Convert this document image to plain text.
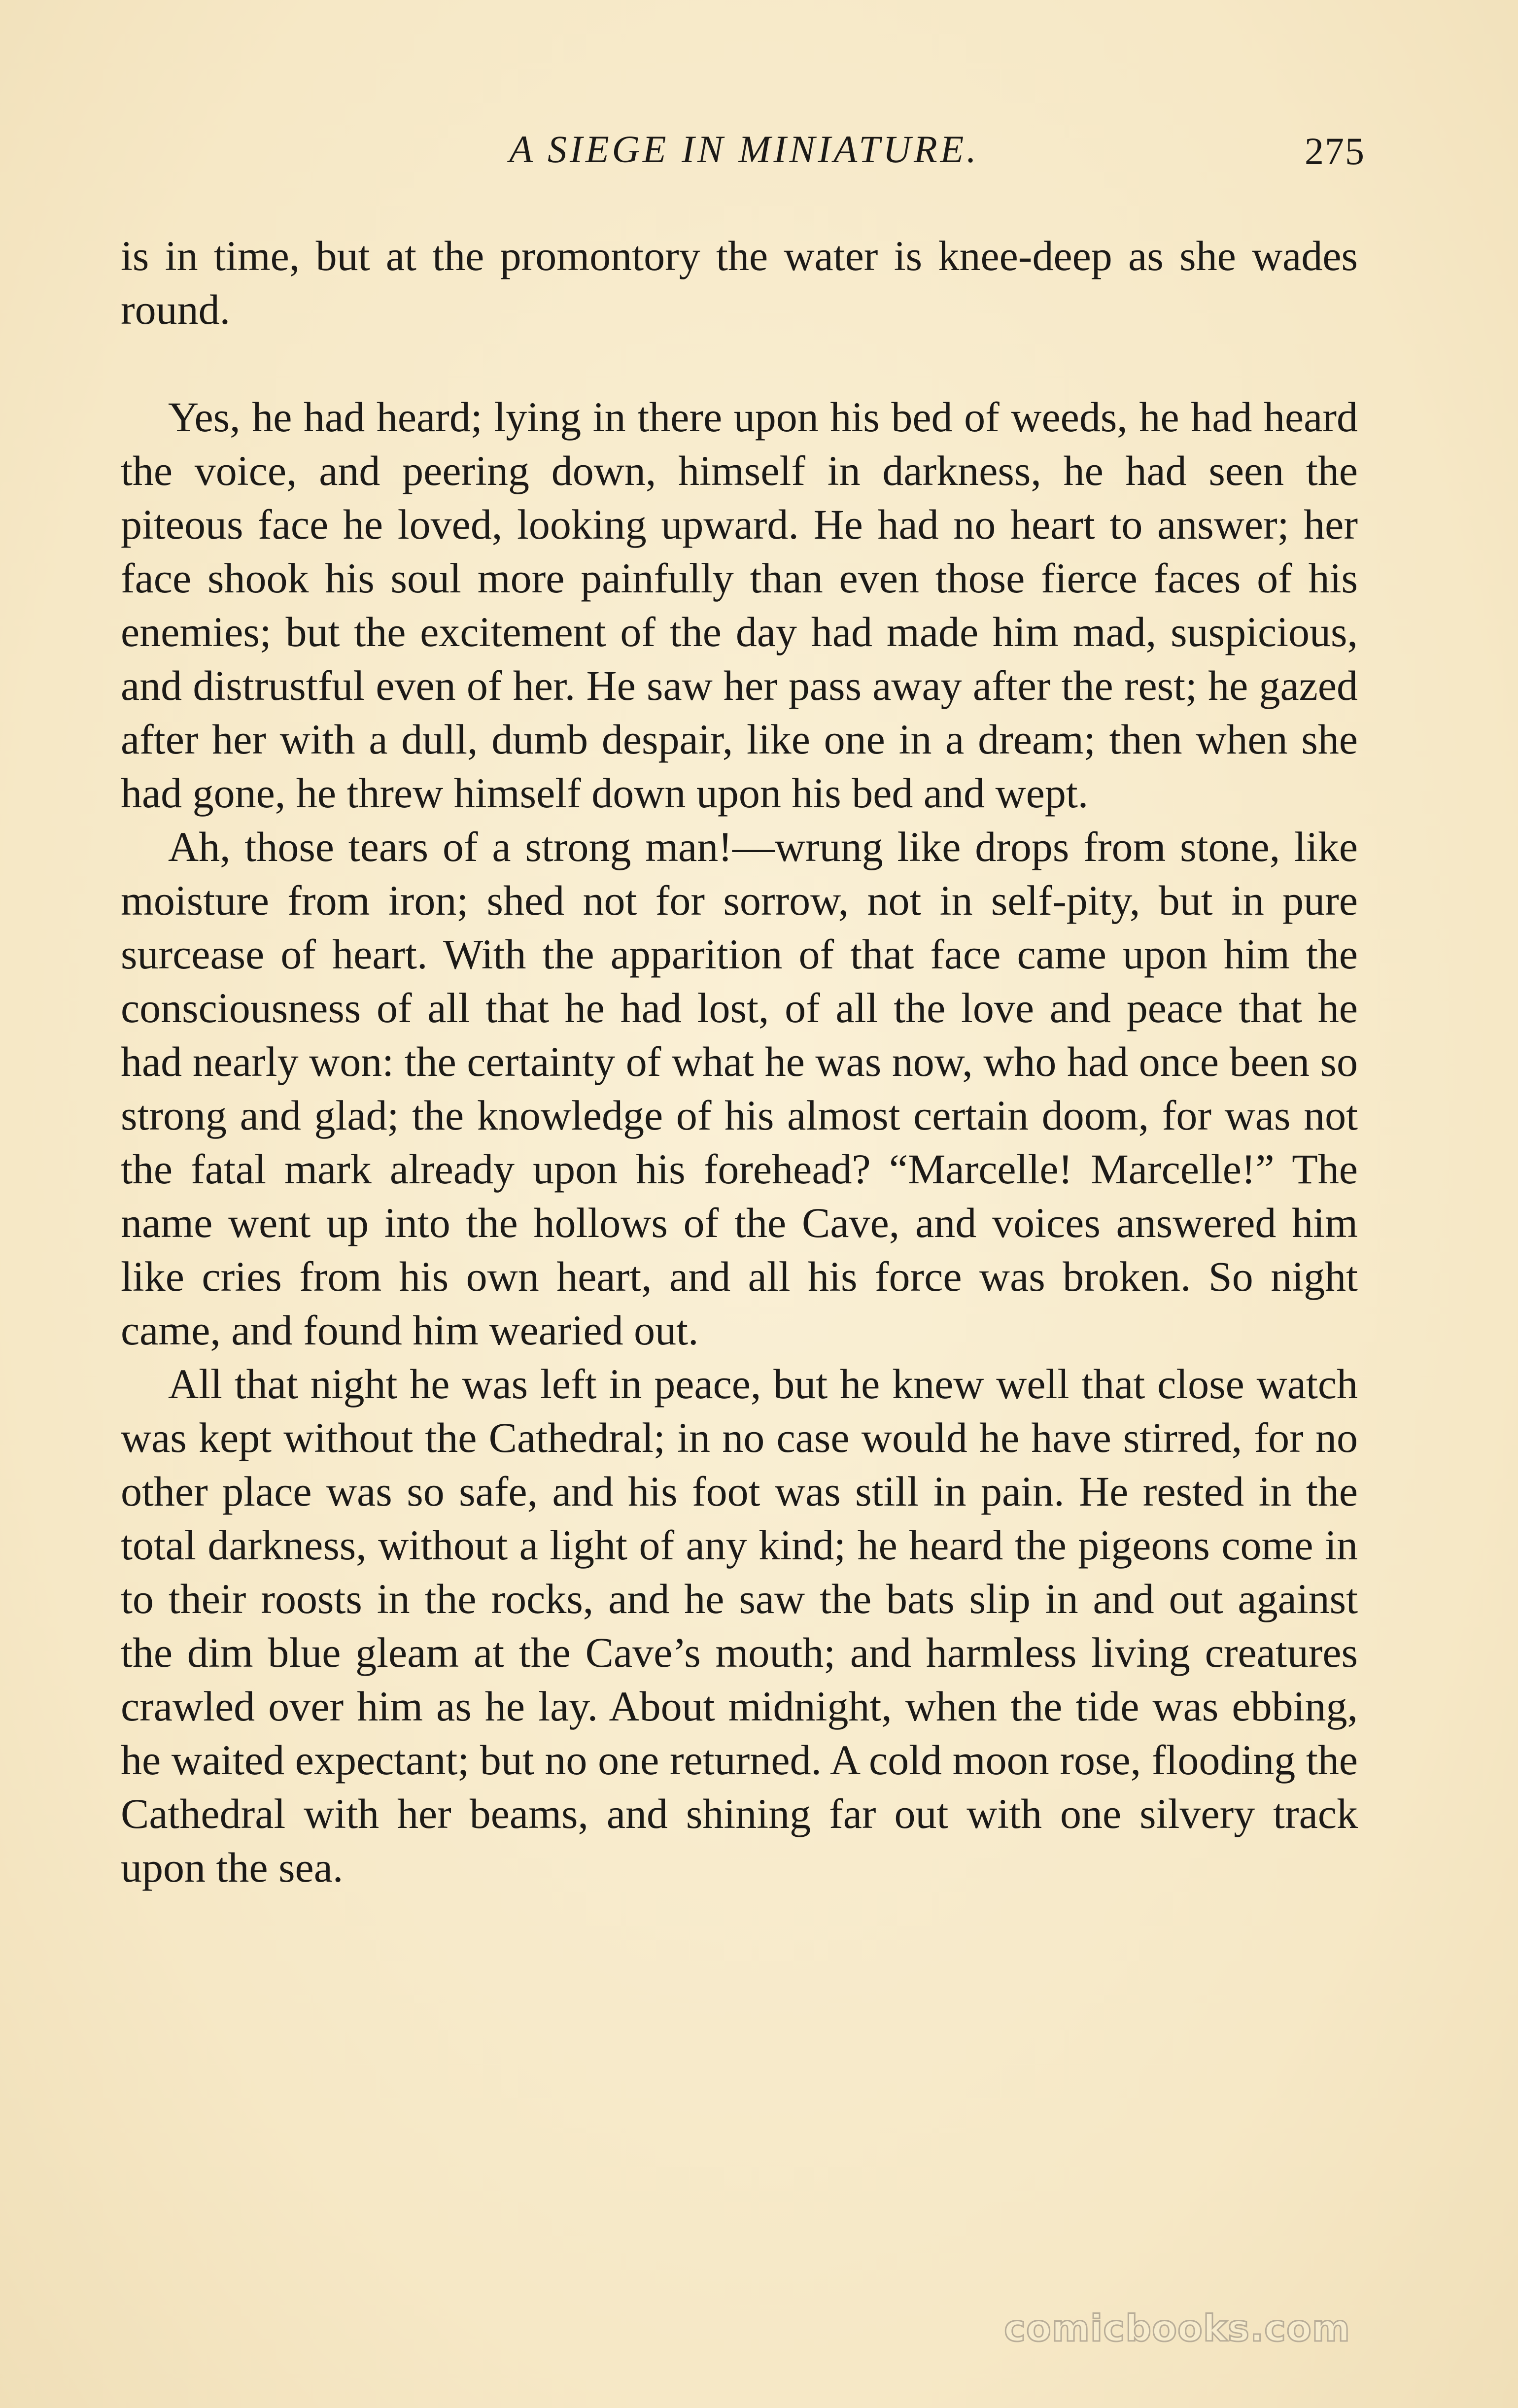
A SIEGE IN MINIATURE.	275

is in time, but at the promontory the water is knee-deep as she wades round.

Yes, he had heard; lying in there upon his bed of weeds, he had heard the voice, and peering down, himself in darkness, he had seen the piteous face he loved, looking upward. He had no heart to answer; her face shook his soul more painfully than even those fierce faces of his enemies; but the excitement of the day had made him mad, suspicious, and distrustful even of her. He saw her pass away after the rest; he gazed after her with a dull, dumb despair, like one in a dream; then when she had gone, he threw himself down upon his bed and wept.

Ah, those tears of a strong man!—wrung like drops from stone, like moisture from iron; shed not for sorrow, not in self-pity, but in pure surcease of heart. With the apparition of that face came upon him the consciousness of all that he had lost, of all the love and peace that he had nearly won: the certainty of what he was now, who had once been so strong and glad; the knowledge of his almost certain doom, for was not the fatal mark already upon his forehead? “Marcelle! Marcelle!” The name went up into the hollows of the Cave, and voices answered him like cries from his own heart, and all his force was broken. So night came, and found him wearied out.

All that night he was left in peace, but he knew well that close watch was kept without the Cathedral; in no case would he have stirred, for no other place was so safe, and his foot was still in pain. He rested in the total darkness, without a light of any kind; he heard the pigeons come in to their roosts in the rocks, and he saw the bats slip in and out against the dim blue gleam at the Cave’s mouth; and harmless living creatures crawled over him as he lay. About midnight, when the tide was ebbing, he waited expectant; but no one returned. A cold moon rose, flooding the Cathedral with her beams, and shining far out with one silvery track upon the sea.

comicbooks.com
